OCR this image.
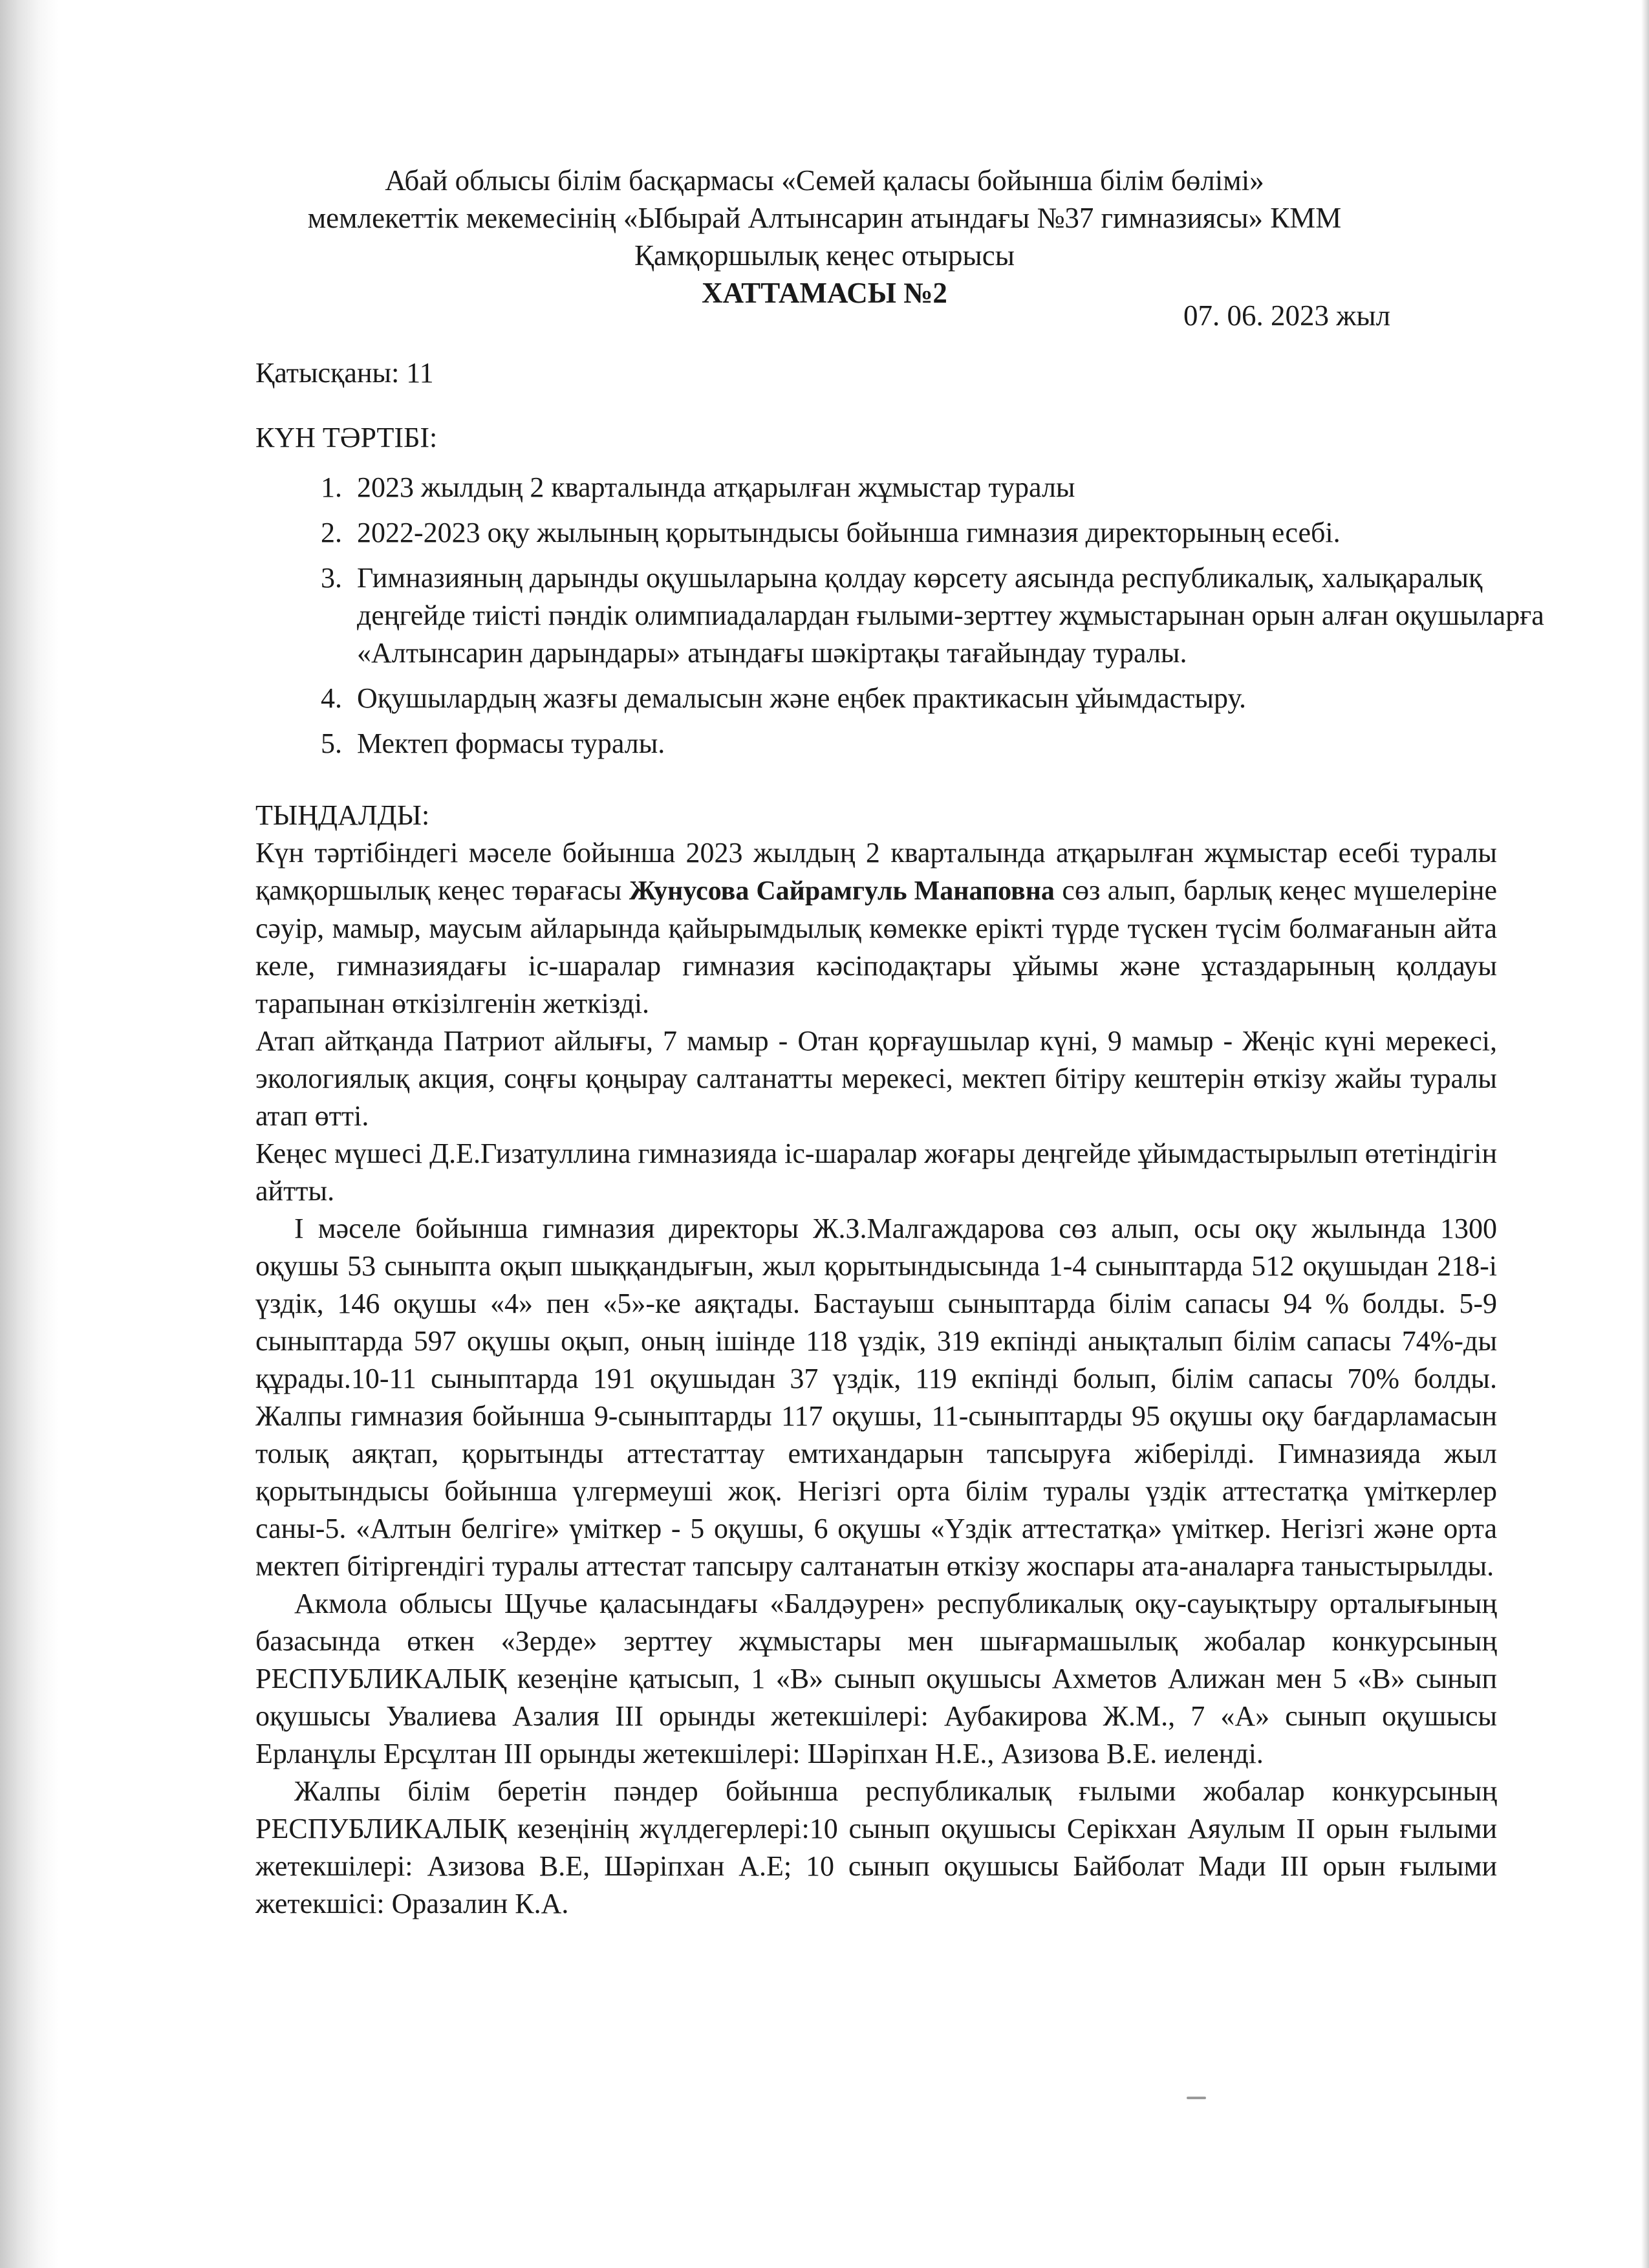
Абай облысы білім басқармасы «Семей қаласы бойынша білім бөлімі»
мемлекеттік мекемесінің «Ыбырай Алтынсарин атындағы №37 гимназиясы» КММ
Қамқоршылық кеңес отырысы
ХАТТАМАСЫ №2
07. 06. 2023 жыл
Қатысқаны: 11
КҮН ТӘРТІБІ:
1. 2023 жылдың 2 кварталында атқарылған жұмыстар туралы
2. 2022-2023 оқу жылының қорытындысы бойынша гимназия директорының есебі.
3. Гимназияның дарынды оқушыларына қолдау көрсету аясында республикалық, халықаралық деңгейде тиісті пәндік олимпиадалардан ғылыми-зерттеу жұмыстарынан орын алған оқушыларға «Алтынсарин дарындары» атындағы шәкіртақы тағайындау туралы.
4. Оқушылардың жазғы демалысын және еңбек практикасын ұйымдастыру.
5. Мектеп формасы туралы.
ТЫҢДАЛДЫ:

Күн тәртібіндегі мәселе бойынша 2023 жылдың 2 кварталында атқарылған жұмыстар есебі туралы қамқоршылық кеңес төрағасы Жунусова Сайрамгуль Манаповна сөз алып, барлық кеңес мүшелеріне сәуір, мамыр, маусым айларында қайырымдылық көмекке ерікті түрде түскен түсім болмағанын айта келе, гимназиядағы іс-шаралар гимназия кәсіподақтары ұйымы және ұстаздарының қолдауы тарапынан өткізілгенін жеткізді.

Атап айтқанда Патриот айлығы, 7 мамыр - Отан қорғаушылар күні, 9 мамыр - Жеңіс күні мерекесі, экологиялық акция, соңғы қоңырау салтанатты мерекесі, мектеп бітіру кештерін өткізу жайы туралы атап өтті.

Кеңес мүшесі Д.Е.Гизатуллина гимназияда іс-шаралар жоғары деңгейде ұйымдастырылып өтетіндігін айтты.

І мәселе бойынша гимназия директоры Ж.З.Малгаждарова сөз алып, осы оқу жылында 1300 оқушы 53 сыныпта оқып шыққандығын, жыл қорытындысында 1-4 сыныптарда 512 оқушыдан 218-і үздік, 146 оқушы «4» пен «5»-ке аяқтады. Бастауыш сыныптарда білім сапасы 94 % болды. 5-9 сыныптарда 597 оқушы оқып, оның ішінде 118 үздік, 319 екпінді анықталып білім сапасы 74%-ды құрады.10-11 сыныптарда 191 оқушыдан 37 үздік, 119 екпінді болып, білім сапасы 70% болды. Жалпы гимназия бойынша 9-сыныптарды 117 оқушы, 11-сыныптарды 95 оқушы оқу бағдарламасын толық аяқтап, қорытынды аттестаттау емтихандарын тапсыруға жіберілді. Гимназияда жыл қорытындысы бойынша үлгермеуші жоқ. Негізгі орта білім туралы үздік аттестатқа үміткерлер саны-5. «Алтын белгіге» үміткер - 5 оқушы, 6 оқушы «Үздік аттестатқа» үміткер. Негізгі және орта мектеп бітіргендігі туралы аттестат тапсыру салтанатын өткізу жоспары ата-аналарға таныстырылды.

Акмола облысы Щучье қаласындағы «Балдәурен» республикалық оқу-сауықтыру орталығының базасында өткен «Зерде» зерттеу жұмыстары мен шығармашылық жобалар конкурсының РЕСПУБЛИКАЛЫҚ кезеңіне қатысып, 1 «В» сынып оқушысы Ахметов Алижан мен 5 «В» сынып оқушысы Увалиева Азалия III орынды жетекшілері: Аубакирова Ж.М., 7 «А» сынып оқушысы Ерланұлы Ерсұлтан III орынды жетекшілері: Шәріпхан Н.Е., Азизова В.Е. иеленді.

Жалпы білім беретін пәндер бойынша республикалық ғылыми жобалар конкурсының РЕСПУБЛИКАЛЫҚ кезеңінің жүлдегерлері:10 сынып оқушысы Серікхан Аяулым ІІ орын ғылыми жетекшілері: Азизова В.Е, Шәріпхан А.Е; 10 сынып оқушысы Байболат Мади ІІІ орын ғылыми жетекшісі: Оразалин К.А.
